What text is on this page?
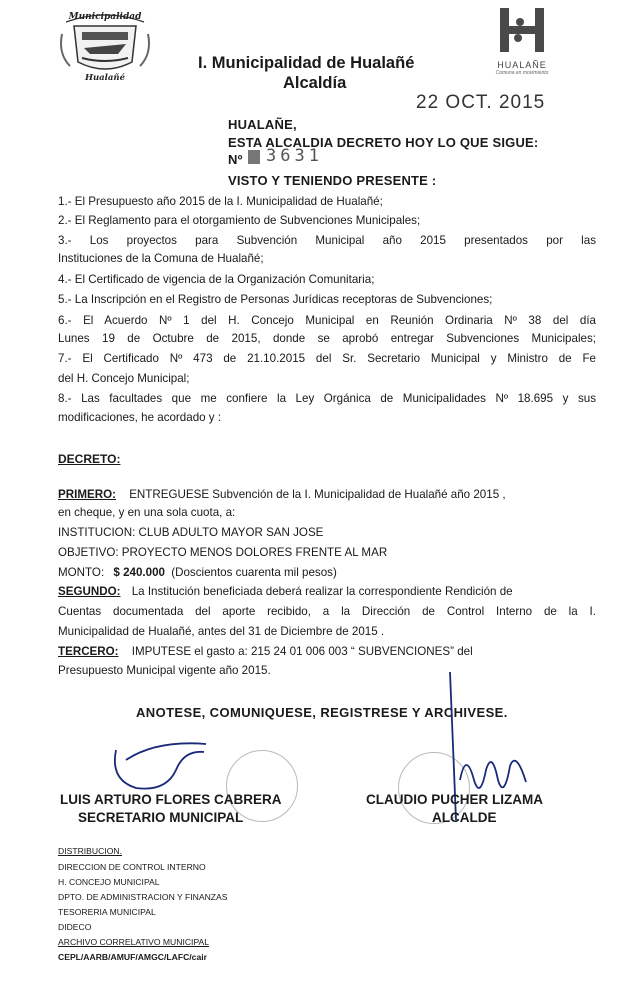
Municipalidad
Hualañé
I. Municipalidad de Hualañé
Alcaldía
HUALAÑE
Comuna en movimiento
22 OCT. 2015
HUALAÑE,
ESTA ALCALDIA DECRETO HOY LO QUE SIGUE:
Nº 3631
VISTO Y TENIENDO PRESENTE :
1.- El Presupuesto año 2015 de la I. Municipalidad de Hualañé;
2.- El Reglamento para el otorgamiento de Subvenciones Municipales;
3.- Los proyectos para Subvención Municipal año 2015 presentados por las
Instituciones de la Comuna de Hualañé;
4.- El Certificado de vigencia de la Organización Comunitaria;
5.- La Inscripción en el Registro de Personas Jurídicas receptoras de Subvenciones;
6.- El Acuerdo Nº 1 del H. Concejo Municipal en Reunión Ordinaria Nº 38 del día
Lunes 19 de Octubre de 2015, donde se aprobó entregar Subvenciones Municipales;
7.- El Certificado Nº 473 de 21.10.2015 del Sr. Secretario Municipal y Ministro de Fe
del H. Concejo Municipal;
8.- Las facultades que me confiere la Ley Orgánica de Municipalidades Nº 18.695 y sus
modificaciones, he acordado y :
DECRETO:
PRIMERO: ENTREGUESE Subvención de la I. Municipalidad de Hualañé año 2015 ,
en cheque, y en una sola cuota, a:
INSTITUCION: CLUB ADULTO MAYOR SAN JOSE
OBJETIVO: PROYECTO MENOS DOLORES FRENTE AL MAR
MONTO: $ 240.000 (Doscientos cuarenta mil pesos)
SEGUNDO: La Institución beneficiada deberá realizar la correspondiente Rendición de
Cuentas documentada del aporte recibido, a la Dirección de Control Interno de la I.
Municipalidad de Hualañé, antes del 31 de Diciembre de 2015 .
TERCERO: IMPUTESE el gasto a: 215 24 01 006 003 “ SUBVENCIONES” del
Presupuesto Municipal vigente año 2015.
ANOTESE, COMUNIQUESE, REGISTRESE Y ARCHIVESE.
LUIS ARTURO FLORES CABRERA
SECRETARIO MUNICIPAL
CLAUDIO PUCHER LIZAMA
ALCALDE
DISTRIBUCION.
DIRECCION DE CONTROL INTERNO
H. CONCEJO MUNICIPAL
DPTO. DE ADMINISTRACION Y FINANZAS
TESORERIA MUNICIPAL
DIDECO
ARCHIVO CORRELATIVO MUNICIPAL
CEPL/AARB/AMUF/AMGC/LAFC/cair
